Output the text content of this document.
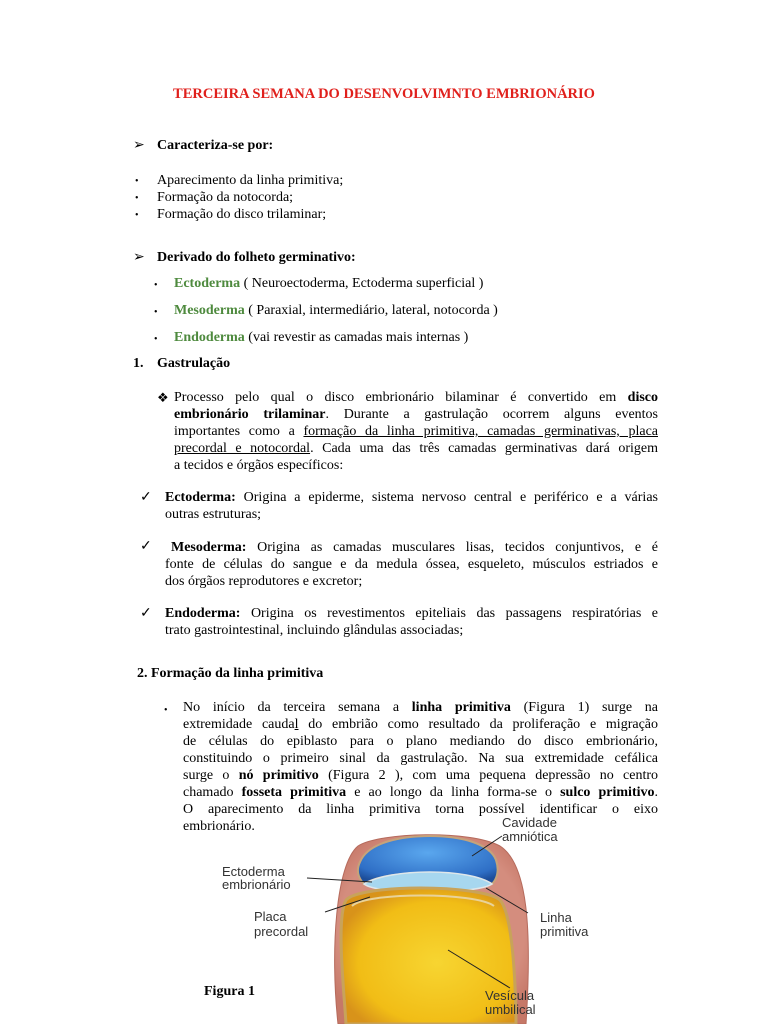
TERCEIRA SEMANA DO DESENVOLVIMNTO EMBRIONÁRIO
➢ Caracteriza-se por:
• Aparecimento da linha primitiva;
• Formação da notocorda;
• Formação do disco trilaminar;
➢ Derivado do folheto germinativo:
• Ectoderma ( Neuroectoderma, Ectoderma superficial )
• Mesoderma ( Paraxial, intermediário, lateral, notocorda )
• Endoderma (vai revestir as camadas mais internas )
1. Gastrulação
❖ Processo pelo qual o disco embrionário bilaminar é convertido em disco
embrionário trilaminar. Durante a gastrulação ocorrem alguns eventos
importantes como a formação da linha primitiva, camadas germinativas, placa
precordal e notocordal. Cada uma das três camadas germinativas dará origem
a tecidos e órgãos específicos:
✓ Ectoderma: Origina a epiderme, sistema nervoso central e periférico e a várias
outras estruturas;
✓ Mesoderma: Origina as camadas musculares lisas, tecidos conjuntivos, e é
fonte de células do sangue e da medula óssea, esqueleto, músculos estriados e
dos órgãos reprodutores e excretor;
✓ Endoderma: Origina os revestimentos epiteliais das passagens respiratórias e
trato gastrointestinal, incluindo glândulas associadas;
2. Formação da linha primitiva
• No início da terceira semana a linha primitiva (Figura 1) surge na
extremidade caudal do embrião como resultado da proliferação e migração
de células do epiblasto para o plano mediando do disco embrionário,
constituindo o primeiro sinal da gastrulação. Na sua extremidade cefálica
surge o nó primitivo (Figura 2 ), com uma pequena depressão no centro
chamado fosseta primitiva e ao longo da linha forma-se o sulco primitivo.
O aparecimento da linha primitiva torna possível identificar o eixo
embrionário.	Cavidade
amniótica
Ectoderma
embrionário
Placa
precordal
Linha
primitiva
Vesícula
umbilical
Figura 1
